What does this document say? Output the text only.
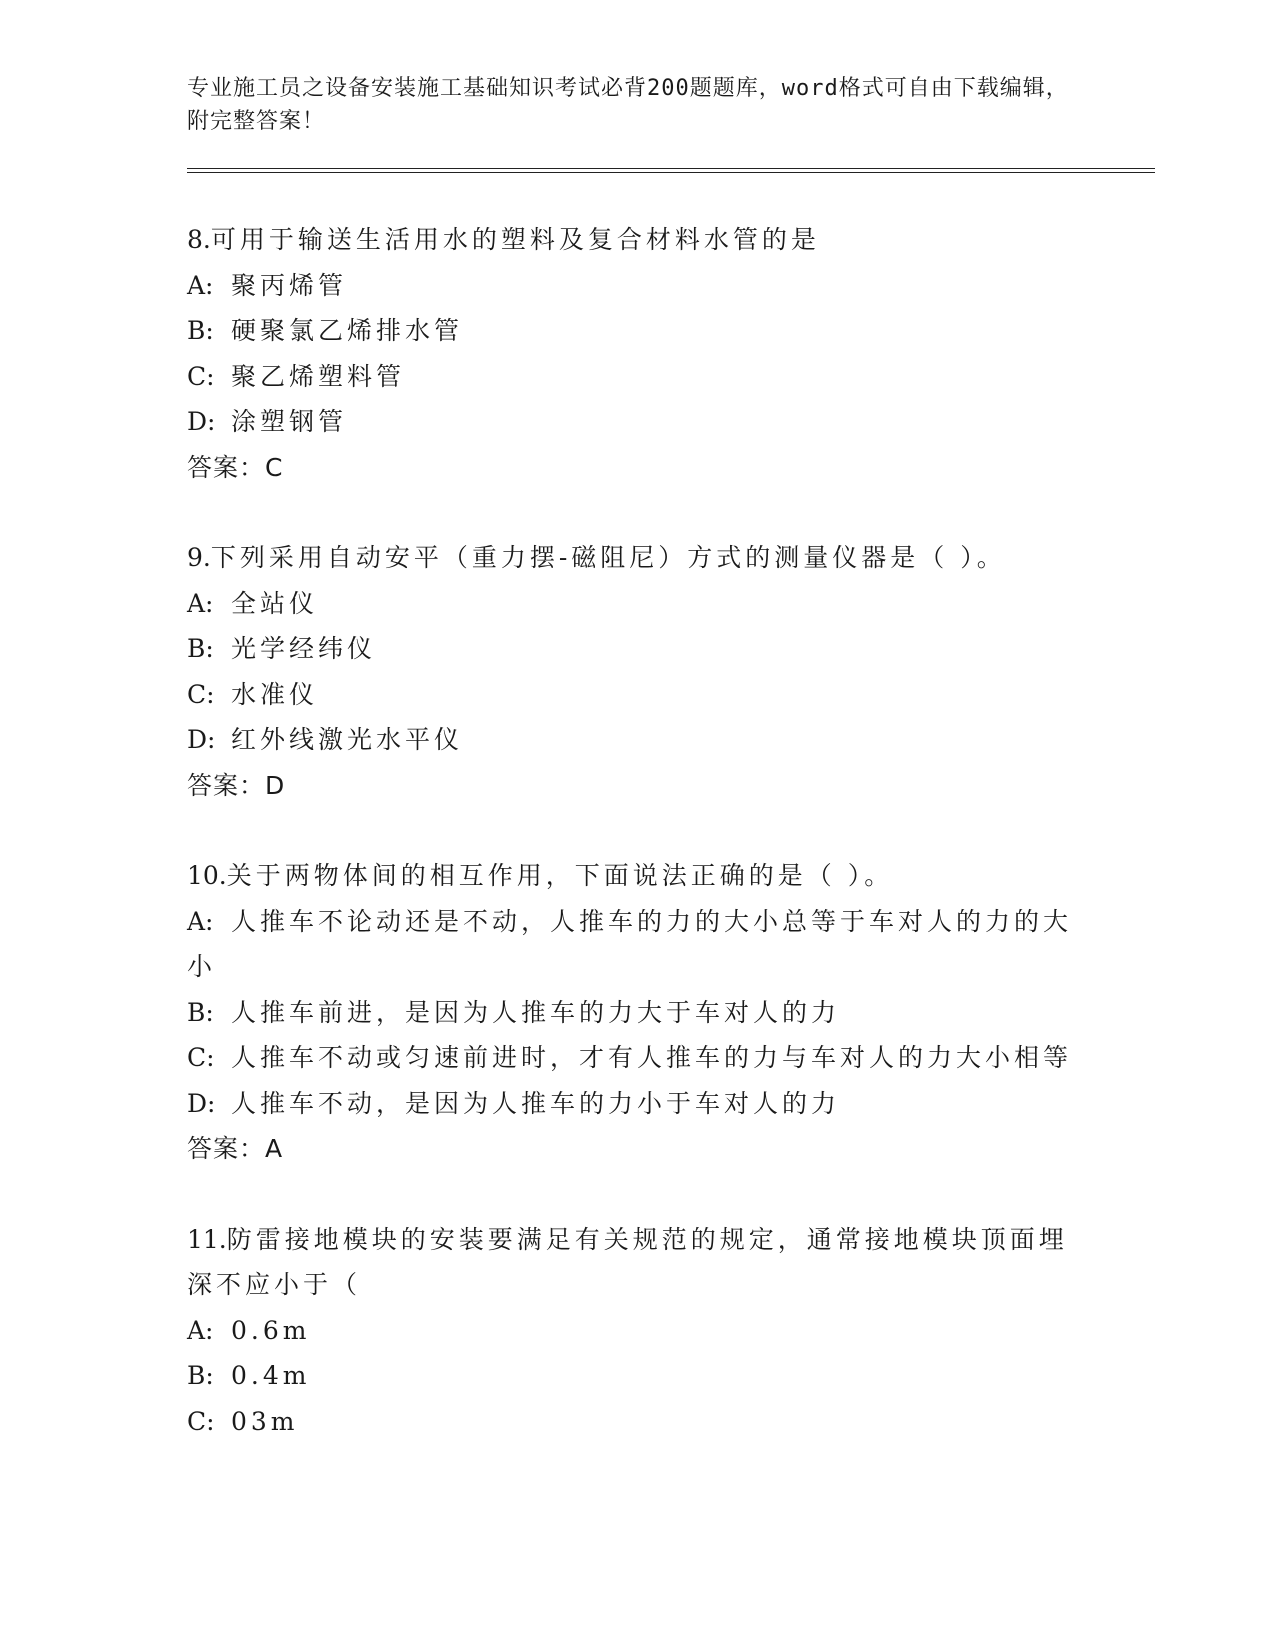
专业施工员之设备安装施工基础知识考试必背200题题库，word格式可自由下载编辑，附完整答案！
8.可用于输送生活用水的塑料及复合材料水管的是
A: 聚丙烯管
B: 硬聚氯乙烯排水管
C: 聚乙烯塑料管
D: 涂塑钢管
答案：C
9.下列采用自动安平（重力摆-磁阻尼）方式的测量仪器是（ ）。
A: 全站仪
B: 光学经纬仪
C: 水准仪
D: 红外线激光水平仪
答案：D
10.关于两物体间的相互作用，下面说法正确的是（ ）。
A: 人推车不论动还是不动，人推车的力的大小总等于车对人的力的大小
B: 人推车前进，是因为人推车的力大于车对人的力
C: 人推车不动或匀速前进时，才有人推车的力与车对人的力大小相等
D: 人推车不动，是因为人推车的力小于车对人的力
答案：A
11.防雷接地模块的安装要满足有关规范的规定，通常接地模块顶面埋深不应小于（
A: 0.6m
B: 0.4m
C: 03m
